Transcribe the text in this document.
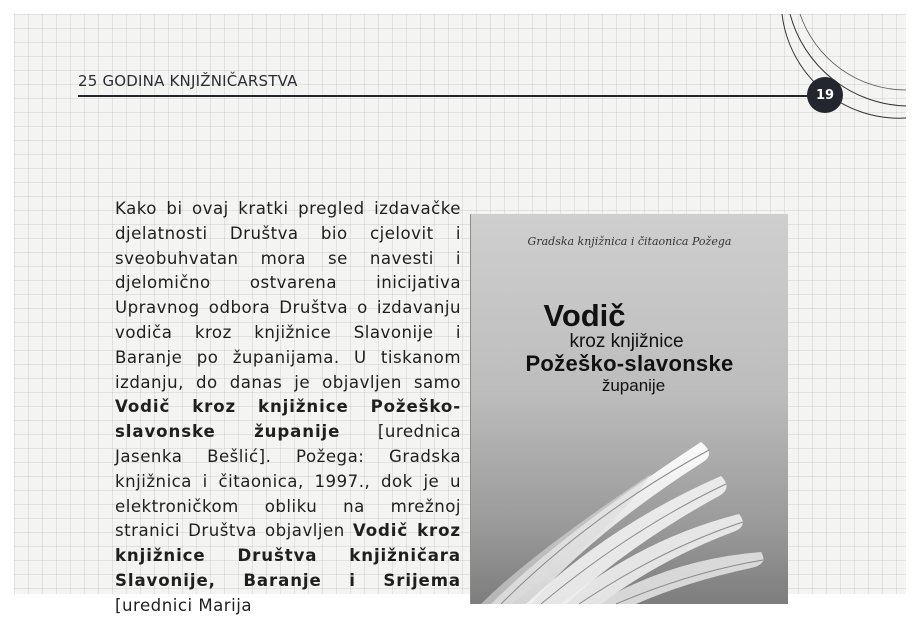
25 GODINA KNJIŽNIČARSTVA
19

Kako bi ovaj kratki pregled izdavačke djelatnosti Društva bio cjelovit i sveobuhvatan mora se navesti i djelomično ostvarena inicijativa Upravnog odbora Društva o izdavanju vodiča kroz knjižnice Slavonije i Baranje po županijama. U tiskanom izdanju, do danas je objavljen samo Vodič kroz knjižnice Požeško-slavonske županije [urednica Jasenka Bešlić]. Požega: Gradska knjižnica i čitaonica, 1997., dok je u elektroničkom obliku na mrežnoj stranici Društva objavljen Vodič kroz knjižnice Društva knjižničara Slavonije, Baranje i Srijema [urednici Marija

Gradska knjižnica i čitaonica Požega
Vodič
kroz knjižnice
Požeško-slavonske
županije
